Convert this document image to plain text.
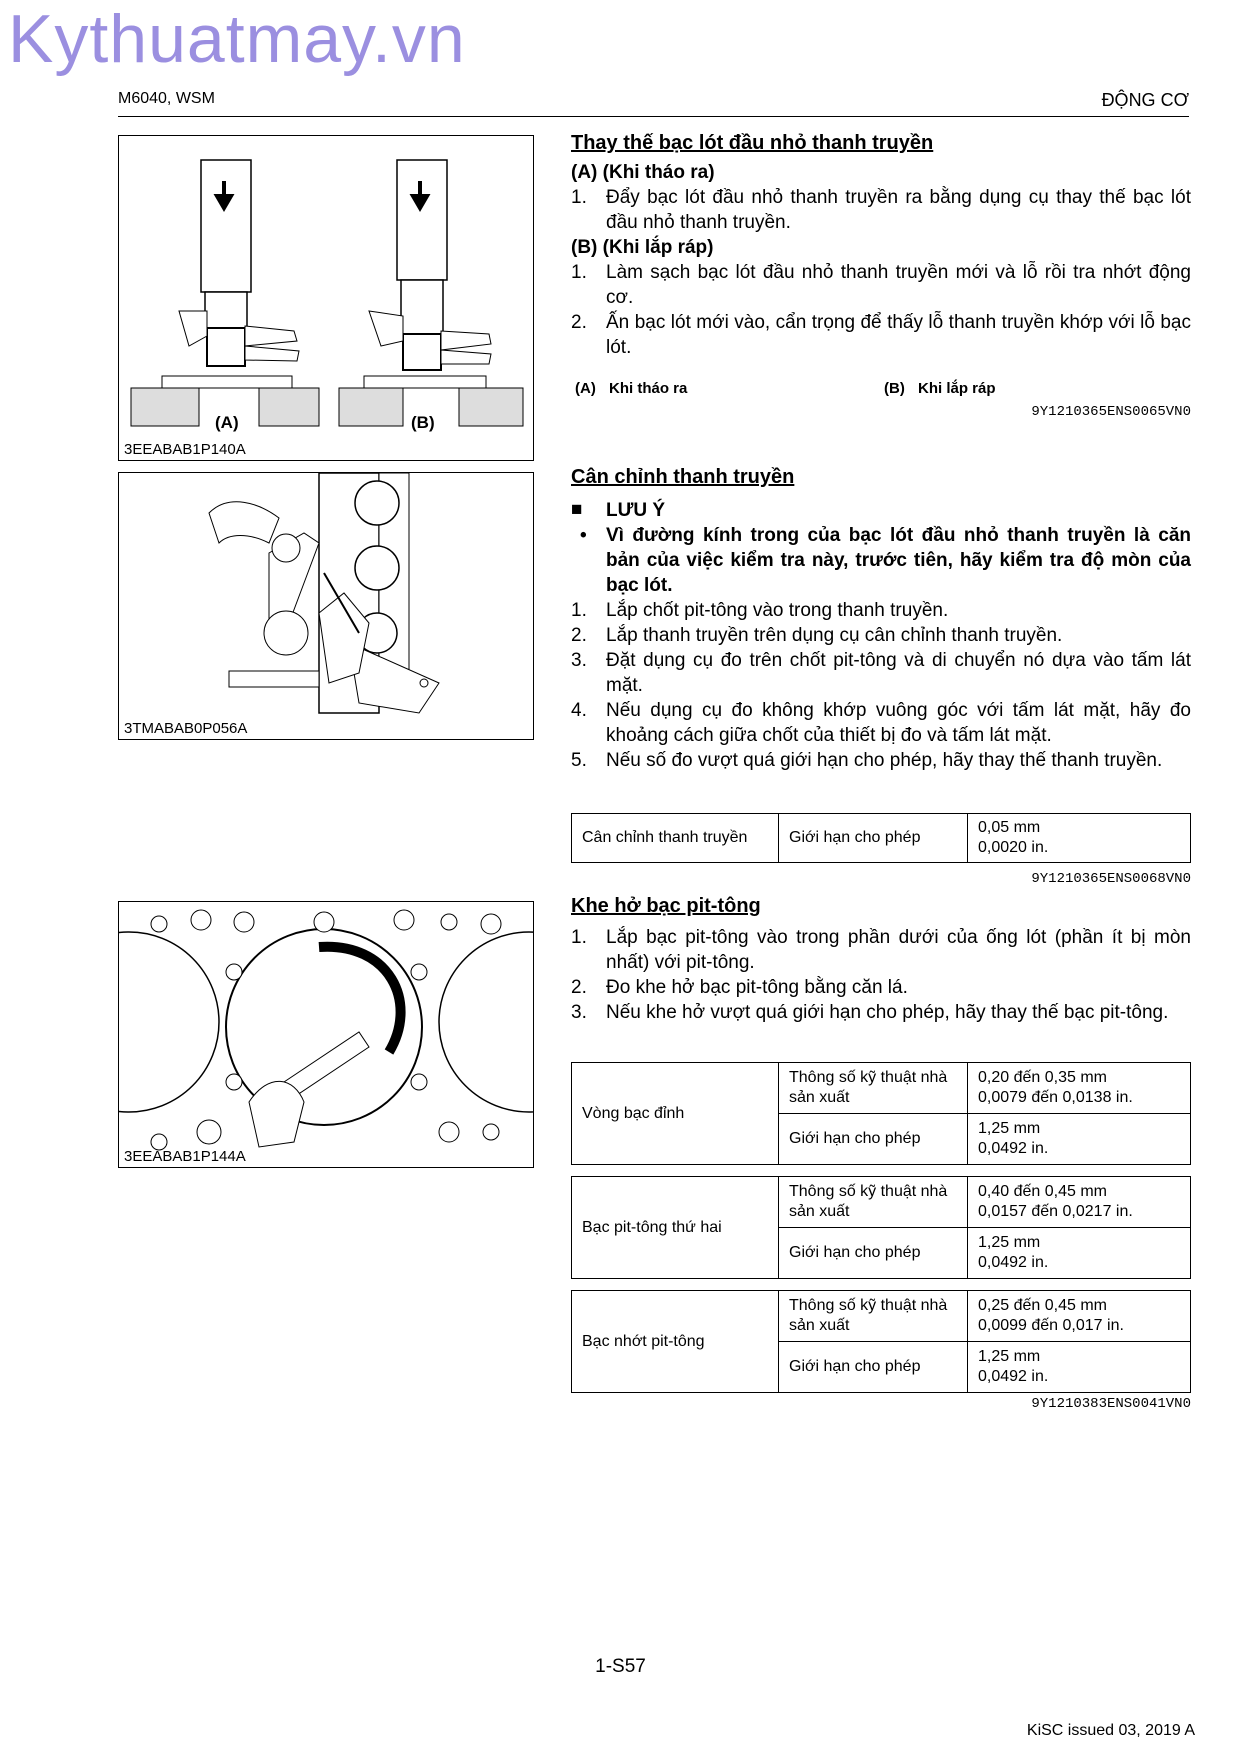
Kythuatmay.vn
M6040, WSM	ĐỘNG CƠ
(A)	(B)
3EEABAB1P140A
3TMABAB0P056A
3EEABAB1P144A
Thay thế bạc lót đầu nhỏ thanh truyền
(A) (Khi tháo ra)
1. Đẩy bạc lót đầu nhỏ thanh truyền ra bằng dụng cụ thay thế bạc lót đầu nhỏ thanh truyền.
(B) (Khi lắp ráp)
1. Làm sạch bạc lót đầu nhỏ thanh truyền mới và lỗ rồi tra nhớt động cơ.
2. Ấn bạc lót mới vào, cẩn trọng để thấy lỗ thanh truyền khớp với lỗ bạc lót.
(A) Khi tháo ra	(B) Khi lắp ráp
9Y1210365ENS0065VN0
Cân chỉnh thanh truyền
■ LƯU Ý
• Vì đường kính trong của bạc lót đầu nhỏ thanh truyền là căn bản của việc kiểm tra này, trước tiên, hãy kiểm tra độ mòn của bạc lót.
1. Lắp chốt pit-tông vào trong thanh truyền.
2. Lắp thanh truyền trên dụng cụ cân chỉnh thanh truyền.
3. Đặt dụng cụ đo trên chốt pit-tông và di chuyển nó dựa vào tấm lát mặt.
4. Nếu dụng cụ đo không khớp vuông góc với tấm lát mặt, hãy đo khoảng cách giữa chốt của thiết bị đo và tấm lát mặt.
5. Nếu số đo vượt quá giới hạn cho phép, hãy thay thế thanh truyền.
Cân chỉnh thanh truyền	Giới hạn cho phép	
0,05 mm
0,0020 in.
9Y1210365ENS0068VN0
Khe hở bạc pit-tông
1. Lắp bạc pit-tông vào trong phần dưới của ống lót (phần ít bị mòn nhất) với pit-tông.
2. Đo khe hở bạc pit-tông bằng căn lá.
3. Nếu khe hở vượt quá giới hạn cho phép, hãy thay thế bạc pit-tông.
Vòng bạc đỉnh	Thông số kỹ thuật nhà sản xuất	0,20 đến 0,35 mm
0,0079 đến 0,0138 in.

	Giới hạn cho phép	1,25 mm
0,0492 in.
Bạc pit-tông thứ hai	Thông số kỹ thuật nhà sản xuất	0,40 đến 0,45 mm
0,0157 đến 0,0217 in.

	Giới hạn cho phép	1,25 mm
0,0492 in.
Bạc nhớt pit-tông	Thông số kỹ thuật nhà sản xuất	0,25 đến 0,45 mm
0,0099 đến 0,017 in.

	Giới hạn cho phép	1,25 mm
0,0492 in.
9Y1210383ENS0041VN0
1-S57
KiSC issued 03, 2019 A
